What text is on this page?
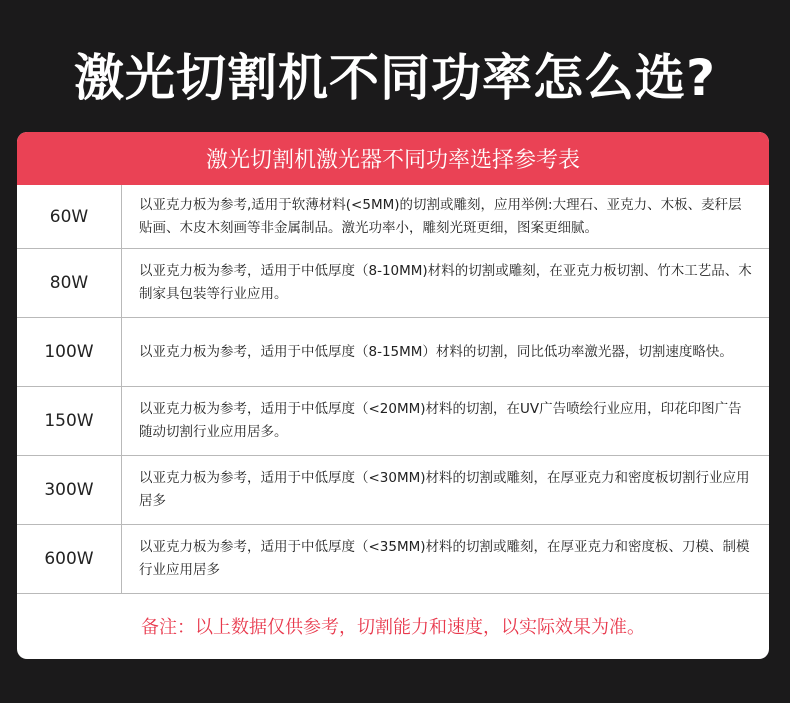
激光切割机不同功率怎么选?
激光切割机激光器不同功率选择参考表
60W
以亚克力板为参考,适用于软薄材料(<5MM)的切割或雕刻，应用举例:大理石、亚克力、木板、麦秆层贴画、木皮木刻画等非金属制品。激光功率小，雕刻光斑更细，图案更细腻。
80W
以亚克力板为参考，适用于中低厚度（8-10MM)材料的切割或雕刻，在亚克力板切割、竹木工艺品、木制家具包装等行业应用。
100W	以亚克力板为参考，适用于中低厚度（8-15MM）材料的切割，同比低功率激光器，切割速度略快。
150W
以亚克力板为参考，适用于中低厚度（<20MM)材料的切割，在UV广告喷绘行业应用，印花印图广告随动切割行业应用居多。
300W
以亚克力板为参考，适用于中低厚度（<30MM)材料的切割或雕刻，在厚亚克力和密度板切割行业应用居多
600W
以亚克力板为参考，适用于中低厚度（<35MM)材料的切割或雕刻，在厚亚克力和密度板、刀模、制模行业应用居多
备注：以上数据仅供参考，切割能力和速度，以实际效果为准。
